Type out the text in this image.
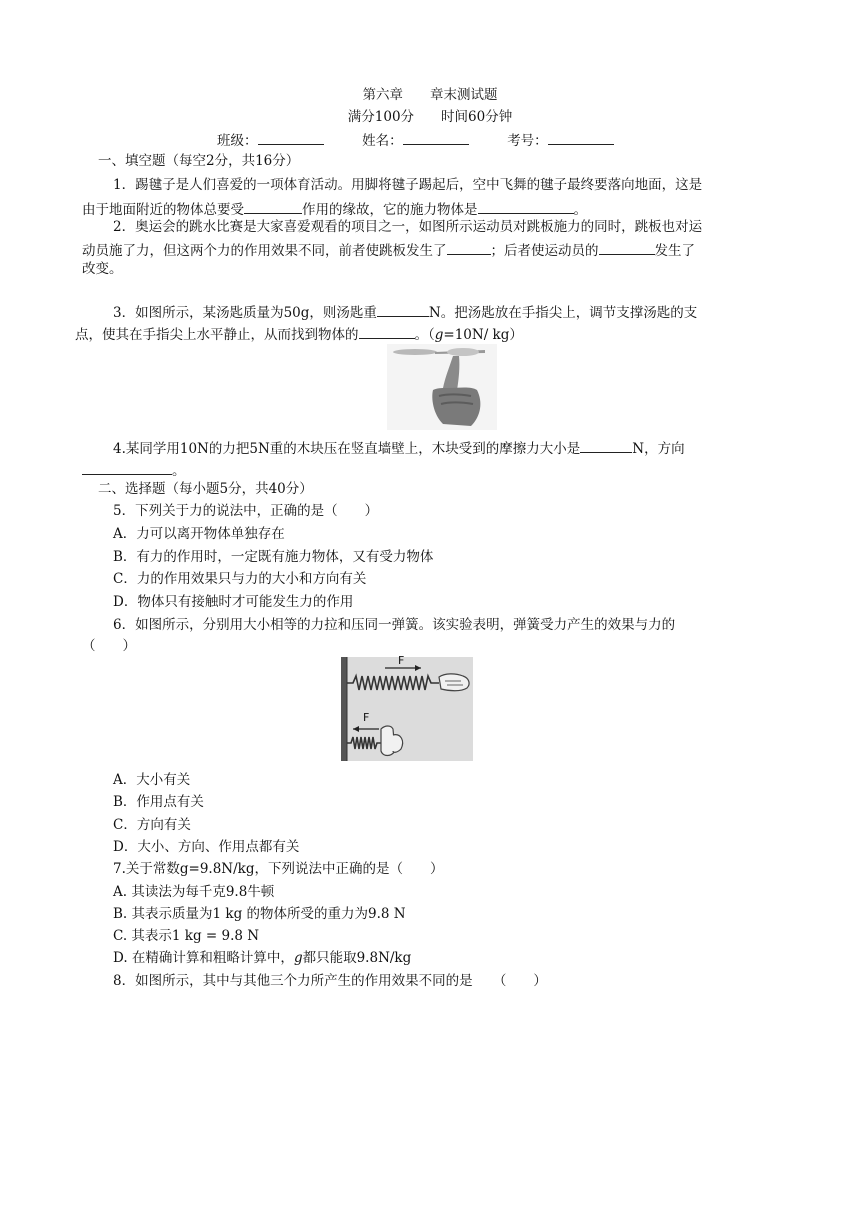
第六章　　章末测试题
满分100分　　时间60分钟
班级：	姓名：	考号：
一、填空题（每空2分，共16分）
1．踢毽子是人们喜爱的一项体育活动。用脚将毽子踢起后，空中飞舞的毽子最终要落向地面，这是
由于地面附近的物体总要受	作用的缘故，它的施力物体是	。
2．奥运会的跳水比赛是大家喜爱观看的项目之一，如图所示运动员对跳板施力的同时，跳板也对运
动员施了力，但这两个力的作用效果不同，前者使跳板发生了	；后者使运动员的	发生了
改变。
3．如图所示，某汤匙质量为50g，则汤匙重	N。把汤匙放在手指尖上，调节支撑汤匙的支
点，使其在手指尖上水平静止，从而找到物体的	。（g=10N/ kg）
4.某同学用10N的力把5N重的木块压在竖直墙壁上，木块受到的摩擦力大小是	N，方向
。
二、选择题（每小题5分，共40分）
5．下列关于力的说法中，正确的是（　　）
A．力可以离开物体单独存在
B．有力的作用时，一定既有施力物体，又有受力物体
C．力的作用效果只与力的大小和方向有关
D．物体只有接触时才可能发生力的作用
6．如图所示，分别用大小相等的力拉和压同一弹簧。该实验表明，弹簧受力产生的效果与力的
（　　）
F
F
A．大小有关
B．作用点有关
C．方向有关
D．大小、方向、作用点都有关
7.关于常数g=9.8N/kg，下列说法中正确的是（　　）
A. 其读法为每千克9.8牛顿
B. 其表示质量为1 kg 的物体所受的重力为9.8 N
C. 其表示1 kg = 9.8 N
D. 在精确计算和粗略计算中，g都只能取9.8N/kg
8．如图所示，其中与其他三个力所产生的作用效果不同的是　　（　　）
